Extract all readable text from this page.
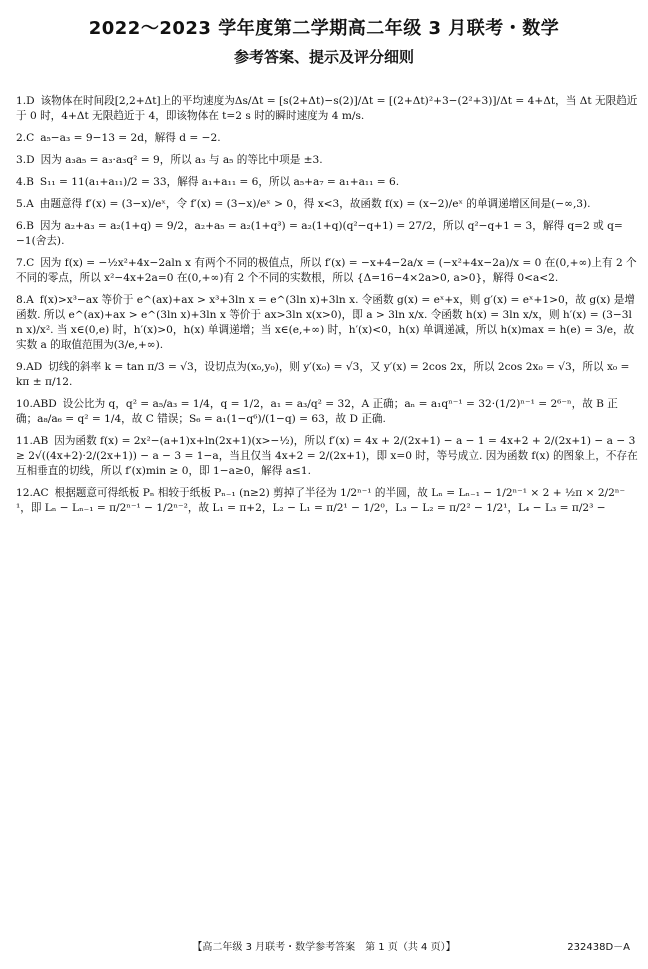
2022～2023 学年度第二学期高二年级 3 月联考・数学
参考答案、提示及评分细则
1.D 该物体在时间段[2,2+Δt]上的平均速度为Δs/Δt = [s(2+Δt)−s(2)]/Δt = [(2+Δt)²+3−(2²+3)]/Δt = 4+Δt，当 Δt 无限趋近于 0 时，4+Δt 无限趋近于 4，即该物体在 t=2 s 时的瞬时速度为 4 m/s.
2.C a₅−a₃ = 9−13 = 2d，解得 d = −2.
3.D 因为 a₃a₅ = a₃·a₃q² = 9，所以 a₃ 与 a₅ 的等比中项是 ±3.
4.B S₁₁ = 11(a₁+a₁₁)/2 = 33，解得 a₁+a₁₁ = 6，所以 a₅+a₇ = a₁+a₁₁ = 6.
5.A 由题意得 f′(x) = (3−x)/eˣ，令 f′(x) = (3−x)/eˣ > 0，得 x<3，故函数 f(x) = (x−2)/eˣ 的单调递增区间是(−∞,3).
6.B 因为 a₂+a₃ = a₂(1+q) = 9/2，a₂+a₅ = a₂(1+q³) = a₂(1+q)(q²−q+1) = 27/2，所以 q²−q+1 = 3，解得 q=2 或 q=−1(舍去).
7.C 因为 f(x) = −½x²+4x−2aln x 有两个不同的极值点，所以 f′(x) = −x+4−2a/x = (−x²+4x−2a)/x = 0 在(0,+∞)上有 2 个不同的零点，所以 x²−4x+2a=0 在(0,+∞)有 2 个不同的实数根，所以 {Δ=16−4×2a>0, a>0}，解得 0<a<2.
8.A f(x)>x³−ax 等价于 e^(ax)+ax > x³+3ln x = e^(3ln x)+3ln x. 令函数 g(x) = eˣ+x，则 g′(x) = eˣ+1>0，故 g(x) 是增函数. 所以 e^(ax)+ax > e^(3ln x)+3ln x 等价于 ax>3ln x(x>0)，即 a > 3ln x/x. 令函数 h(x) = 3ln x/x，则 h′(x) = (3−3ln x)/x². 当 x∈(0,e) 时，h′(x)>0，h(x) 单调递增；当 x∈(e,+∞) 时，h′(x)<0，h(x) 单调递减，所以 h(x)max = h(e) = 3/e，故实数 a 的取值范围为(3/e,+∞).
9.AD 切线的斜率 k = tan π/3 = √3，设切点为(x₀,y₀)，则 y′(x₀) = √3，又 y′(x) = 2cos 2x，所以 2cos 2x₀ = √3，所以 x₀ = kπ ± π/12.
10.ABD 设公比为 q，q² = a₅/a₃ = 1/4，q = 1/2，a₁ = a₃/q² = 32，A 正确；aₙ = a₁qⁿ⁻¹ = 32·(1/2)ⁿ⁻¹ = 2⁶⁻ⁿ，故 B 正确；a₈/a₆ = q² = 1/4，故 C 错误；S₆ = a₁(1−q⁶)/(1−q) = 63，故 D 正确.
11.AB 因为函数 f(x) = 2x²−(a+1)x+ln(2x+1)(x>−½)，所以 f′(x) = 4x + 2/(2x+1) − a − 1 = 4x+2 + 2/(2x+1) − a − 3 ≥ 2√((4x+2)·2/(2x+1)) − a − 3 = 1−a，当且仅当 4x+2 = 2/(2x+1)，即 x=0 时，等号成立. 因为函数 f(x) 的图象上，不存在互相垂直的切线，所以 f′(x)min ≥ 0，即 1−a≥0，解得 a≤1.
12.AC 根据题意可得纸板 Pₙ 相较于纸板 Pₙ₋₁ (n≥2) 剪掉了半径为 1/2ⁿ⁻¹ 的半圆，故 Lₙ = Lₙ₋₁ − 1/2ⁿ⁻¹ × 2 + ½π × 2/2ⁿ⁻¹，即 Lₙ − Lₙ₋₁ = π/2ⁿ⁻¹ − 1/2ⁿ⁻²，故 L₁ = π+2，L₂ − L₁ = π/2¹ − 1/2⁰，L₃ − L₂ = π/2² − 1/2¹，L₄ − L₃ = π/2³ −
【高二年级 3 月联考・数学参考答案　第 1 页（共 4 页）】	232438D－A
